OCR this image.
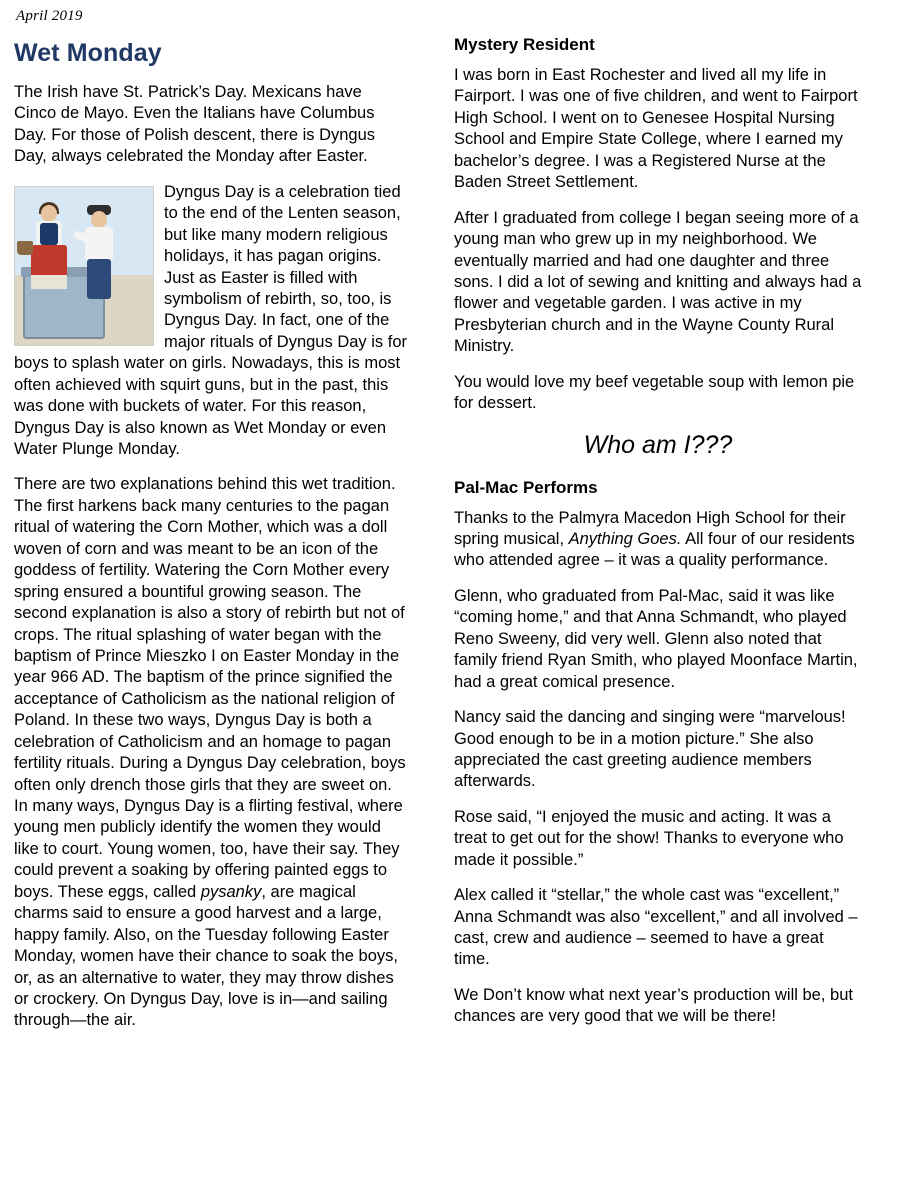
April 2019
Wet Monday

The Irish have St. Patrick’s Day. Mexicans have Cinco de Mayo. Even the Italians have Columbus Day. For those of Polish descent, there is Dyngus Day, always celebrated the Monday after Easter.

Dyngus Day is a celebration tied to the end of the Lenten season, but like many modern religious holidays, it has pagan origins. Just as Easter is filled with symbolism of rebirth, so, too, is Dyngus Day. In fact, one of the major rituals of Dyngus Day is for boys to splash water on girls. Nowadays, this is most often achieved with squirt guns, but in the past, this was done with buckets of water. For this reason, Dyngus Day is also known as Wet Monday or even Water Plunge Monday.

There are two explanations behind this wet tradition. The first harkens back many centuries to the pagan ritual of watering the Corn Mother, which was a doll woven of corn and was meant to be an icon of the goddess of fertility. Watering the Corn Mother every spring ensured a bountiful growing season. The second explanation is also a story of rebirth but not of crops. The ritual splashing of water began with the baptism of Prince Mieszko I on Easter Monday in the year 966 AD. The baptism of the prince signified the acceptance of Catholicism as the national religion of Poland. In these two ways, Dyngus Day is both a celebration of Catholicism and an homage to pagan fertility rituals. During a Dyngus Day celebration, boys often only drench those girls that they are sweet on. In many ways, Dyngus Day is a flirting festival, where young men publicly identify the women they would like to court. Young women, too, have their say. They could prevent a soaking by offering painted eggs to boys. These eggs, called pysanky, are magical charms said to ensure a good harvest and a large, happy family. Also, on the Tuesday following Easter Monday, women have their chance to soak the boys, or, as an alternative to water, they may throw dishes or crockery. On Dyngus Day, love is in—and sailing through—the air.

Mystery Resident

I was born in East Rochester and lived all my life in Fairport. I was one of five children, and went to Fairport High School. I went on to Genesee Hospital Nursing School and Empire State College, where I earned my bachelor’s degree. I was a Registered Nurse at the Baden Street Settlement.

After I graduated from college I began seeing more of a young man who grew up in my neighborhood. We eventually married and had one daughter and three sons. I did a lot of sewing and knitting and always had a flower and vegetable garden. I was active in my Presbyterian church and in the Wayne County Rural Ministry.

You would love my beef vegetable soup with lemon pie for dessert.

Who am I???
Pal-Mac Performs

Thanks to the Palmyra Macedon High School for their spring musical, Anything Goes. All four of our residents who attended agree – it was a quality performance.

Glenn, who graduated from Pal-Mac, said it was like “coming home,” and that Anna Schmandt, who played Reno Sweeny, did very well. Glenn also noted that family friend Ryan Smith, who played Moonface Martin, had a great comical presence.

Nancy said the dancing and singing were “marvelous! Good enough to be in a motion picture.” She also appreciated the cast greeting audience members afterwards.

Rose said, “I enjoyed the music and acting. It was a treat to get out for the show! Thanks to everyone who made it possible.”

Alex called it “stellar,” the whole cast was “excellent,” Anna Schmandt was also “excellent,” and all involved – cast, crew and audience – seemed to have a great time.

We Don’t know what next year’s production will be, but chances are very good that we will be there!
